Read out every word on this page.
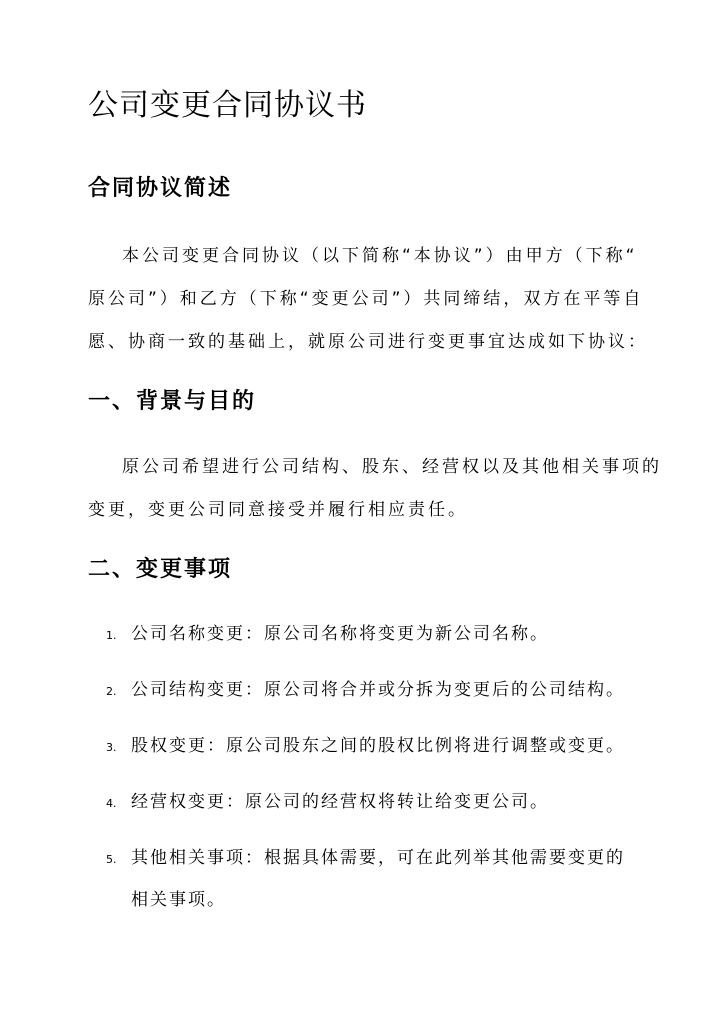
公司变更合同协议书
合同协议简述

本公司变更合同协议（以下简称“本协议”）由甲方（下称“

原公司”）和乙方（下称“变更公司”）共同缔结，双方在平等自

愿、协商一致的基础上，就原公司进行变更事宜达成如下协议：

一、背景与目的

原公司希望进行公司结构、股东、经营权以及其他相关事项的

变更，变更公司同意接受并履行相应责任。

二、变更事项
1. 公司名称变更：原公司名称将变更为新公司名称。
2. 公司结构变更：原公司将合并或分拆为变更后的公司结构。
3. 股权变更：原公司股东之间的股权比例将进行调整或变更。
4. 经营权变更：原公司的经营权将转让给变更公司。
5. 其他相关事项：根据具体需要，可在此列举其他需要变更的
相关事项。
